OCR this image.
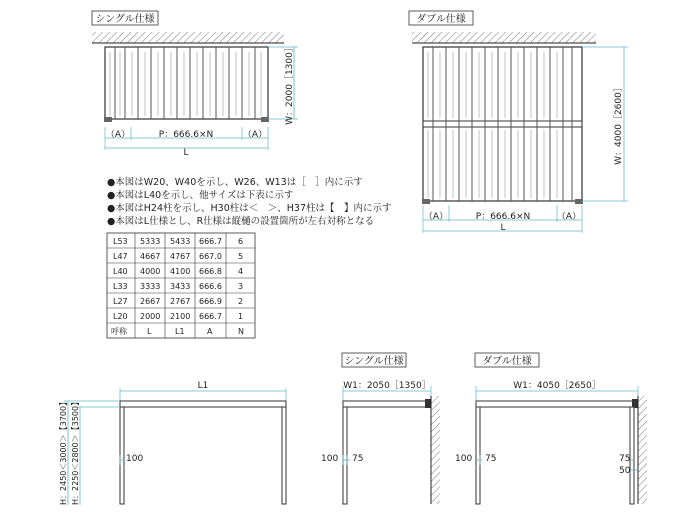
シングル仕様
W：2000［1300］
（A）	P：666.6×N	（A）
L
ダブル仕様
W：4000［2600］
（A）	P：666.6×N	（A）
L
●本図はW20、W40を示し、W26、W13は［　］内に示す
●本図はL40を示し、他サイズは下表に示す
●本図はH24柱を示し、H30柱は＜　＞、H37柱は【　】内に示す
●本図はL仕様とし、R仕様は縦樋の設置箇所が左右対称となる
L53 5333 5433 666.7 6
L47 4667 4767 667.0 5
L40 4000 4100 666.8 4
L33 3333 3433 666.6 3
L27 2667 2767 666.9 2
L20 2000 2100 666.7 1
呼称	L	L1	A	N
L1
100
H：2450＜3000＞【3700】 H：2250＜2800＞【3500】
シングル仕様
W1：2050［1350］
100 75
ダブル仕様
W1：4050［2650］
100 75	75
50
